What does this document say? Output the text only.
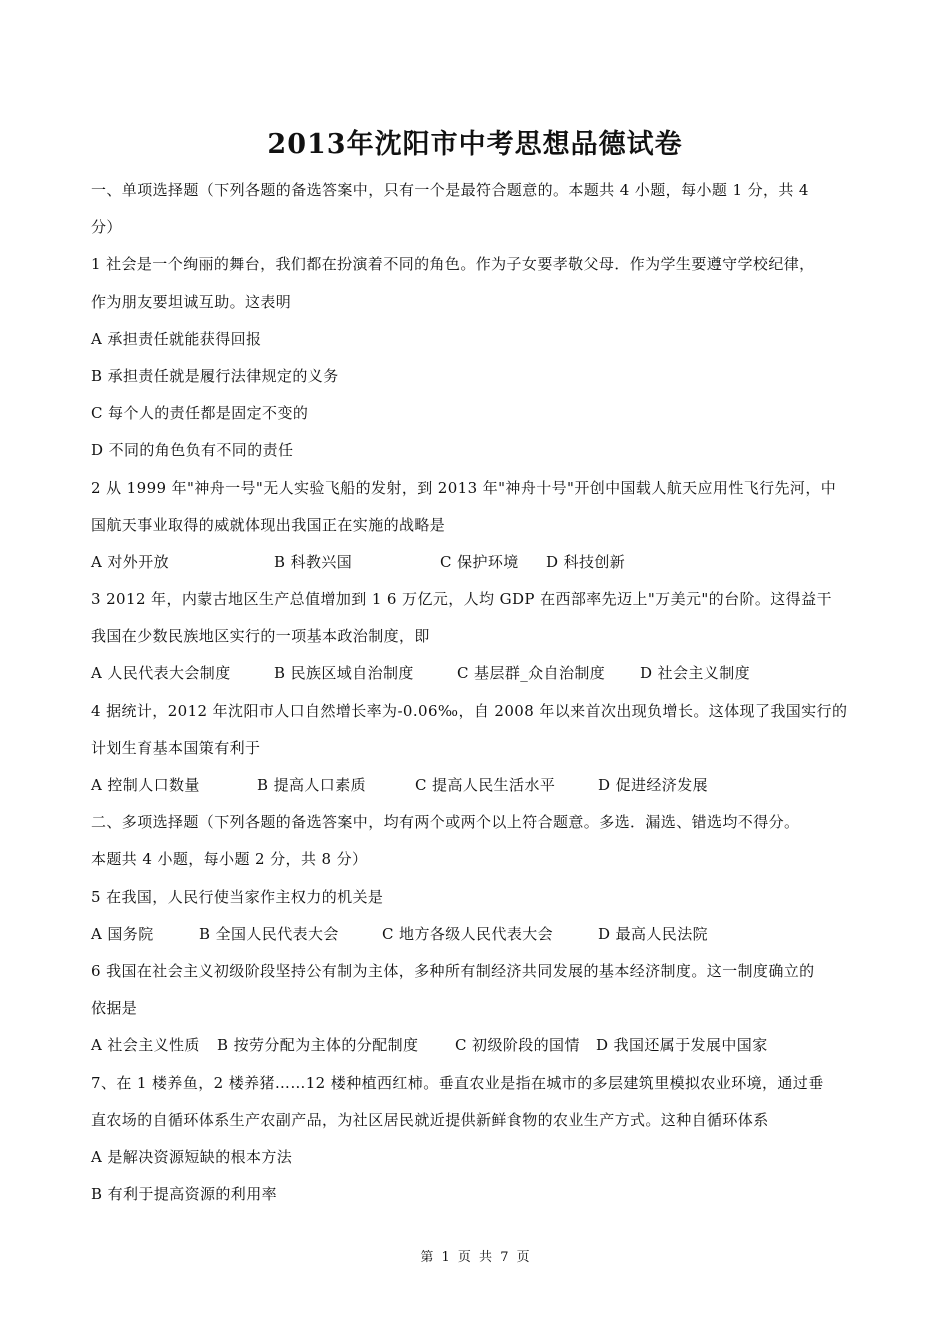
2013年沈阳市中考思想品德试卷
一、单项选择题（下列各题的备选答案中，只有一个是最符合题意的。本题共 4 小题，每小题 1 分，共 4
分）
1 社会是一个绚丽的舞台，我们都在扮演着不同的角色。作为子女要孝敬父母．作为学生要遵守学校纪律，
作为朋友要坦诚互助。这表明
A 承担责任就能获得回报
B 承担责任就是履行法律规定的义务
C 每个人的责任都是固定不变的
D 不同的角色负有不同的责任
2 从 1999 年"神舟一号"无人实验飞船的发射，到 2013 年"神舟十号"开创中国载人航天应用性飞行先河，中
国航天事业取得的威就体现出我国正在实施的战略是
A 对外开放	B 科教兴国	C 保护环境 D 科技创新
3 2012 年，内蒙古地区生产总值增加到 1 6 万亿元，人均 GDP 在西部率先迈上"万美元"的台阶。这得益干
我国在少数民族地区实行的一项基本政治制度，即
A 人民代表大会制度	B 民族区域自治制度	C 基层群_众自治制度 D 社会主义制度
4 据统计，2012 年沈阳市人口自然增长率为-0.06‰，自 2008 年以来首次出现负增长。这体现了我国实行的
计划生育基本国策有利于
A 控制人口数量	B 提高人口素质	C 提高人民生活水平	D 促进经济发展
二、多项选择题（下列各题的备选答案中，均有两个或两个以上符合题意。多选．漏选、错选均不得分。
本题共 4 小题，每小题 2 分，共 8 分）
5 在我国，人民行使当家作主权力的机关是
A 国务院	B 全国人民代表大会	C 地方各级人民代表大会	D 最高人民法院
6 我国在社会主义初级阶段坚持公有制为主体，多种所有制经济共同发展的基本经济制度。这一制度确立的
依据是
A 社会主义性质 B 按劳分配为主体的分配制度 C 初级阶段的国情 D 我国还属于发展中国家
7、在 1 楼养鱼，2 楼养猪……12 楼种植西红柿。垂直农业是指在城市的多层建筑里模拟农业环境，通过垂
直农场的自循环体系生产农副产品，为社区居民就近提供新鲜食物的农业生产方式。这种自循环体系
A 是解决资源短缺的根本方法
B 有利于提高资源的利用率
第 1 页 共 7 页
